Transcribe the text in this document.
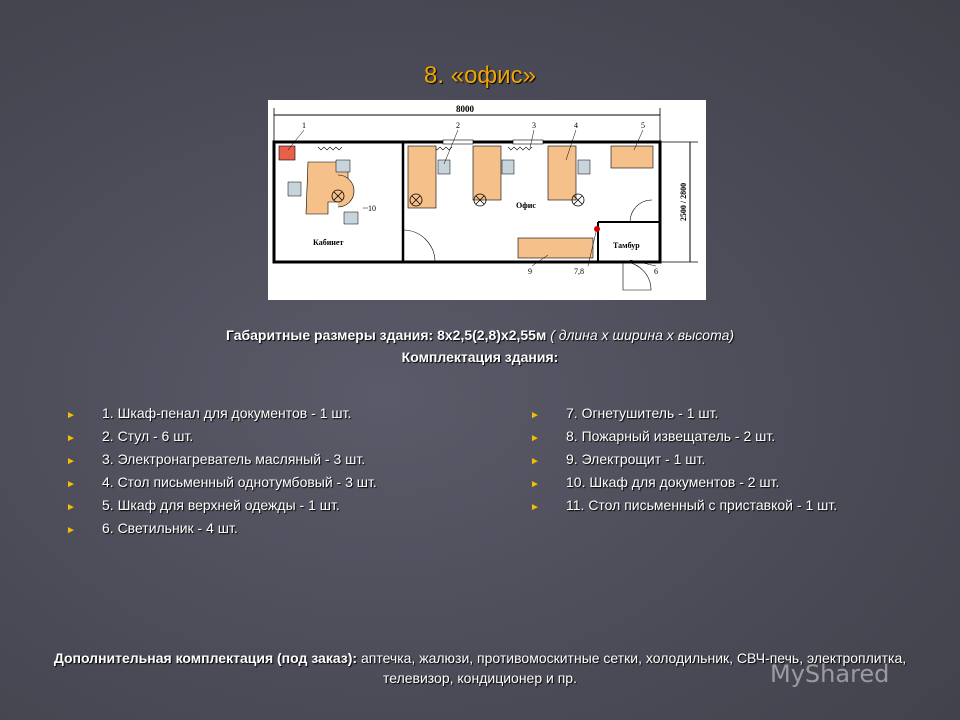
8. «офис»
8000
2500 / 2800
10
Кабинет
Офис
Тамбур
1	2	3	4	5
9	7,8	6
Габаритные размеры здания: 8х2,5(2,8)х2,55м ( длина х ширина х высота)
Комплектация здания:
► 1. Шкаф-пенал для документов - 1 шт.
► 2. Стул - 6 шт.
► 3. Электронагреватель масляный - 3 шт.
► 4. Стол письменный однотумбовый - 3 шт.
► 5. Шкаф для верхней одежды - 1 шт.
► 6. Светильник - 4 шт.
► 7. Огнетушитель - 1 шт.
► 8. Пожарный извещатель - 2 шт.
► 9. Электрощит - 1 шт.
► 10. Шкаф для документов - 2 шт.
► 11. Стол письменный с приставкой - 1 шт.
Дополнительная комплектация (под заказ): аптечка, жалюзи, противомоскитные сетки, холодильник, СВЧ-печь, электроплитка, телевизор, кондиционер и пр.	MyShared
